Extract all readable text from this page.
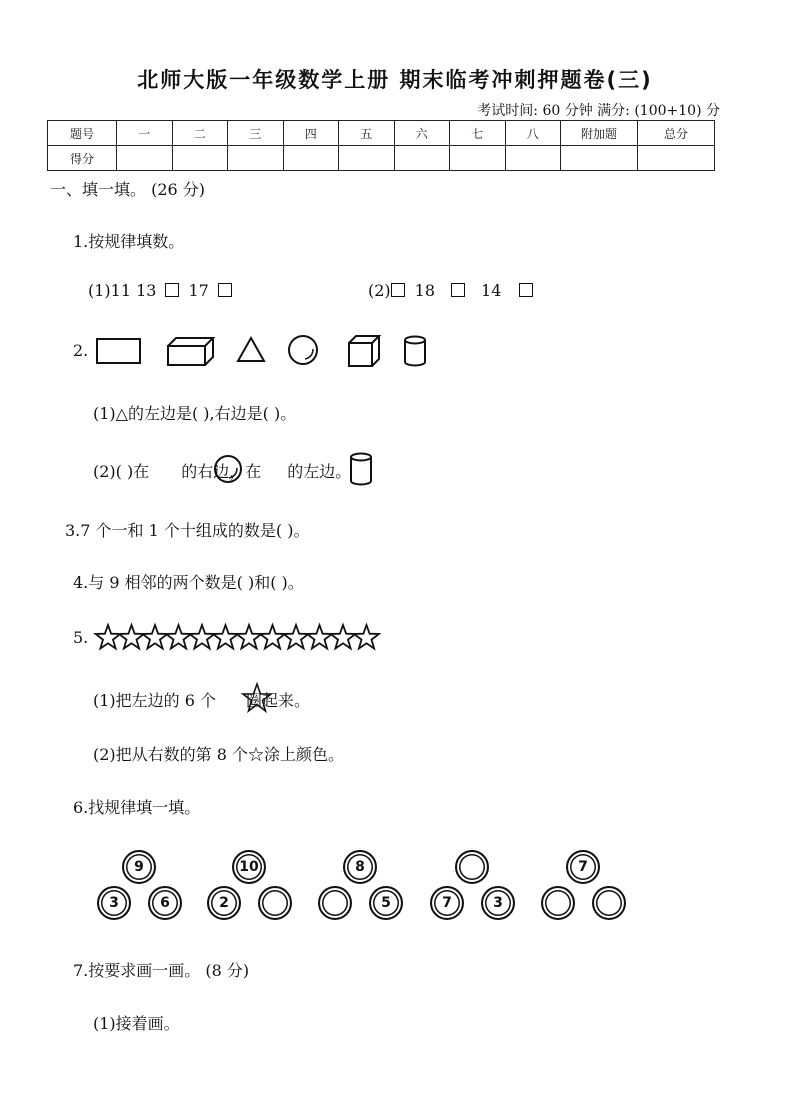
北师大版一年级数学上册 期末临考冲刺押题卷(三)
考试时间: 60 分钟 满分: (100+10) 分
题号	一	二	三	四	五	六	七	八	附加题	总分
得分										
一、填一填。 (26 分)
1.按规律填数。
(1)11 13 17	(2) 18	14
2.
(1)△的左边是( ),右边是( )。
(2)( )在 的右边，在 的左边。
3.7 个一和 1 个十组成的数是( )。
4.与 9 相邻的两个数是( )和( )。
5.
(1)把左边的 6 个 圈起来。
(2)把从右数的第 8 个☆涂上颜色。
6.找规律填一填。
9
3	6
10
2
8
5	7	3
7
7.按要求画一画。 (8 分)
(1)接着画。
